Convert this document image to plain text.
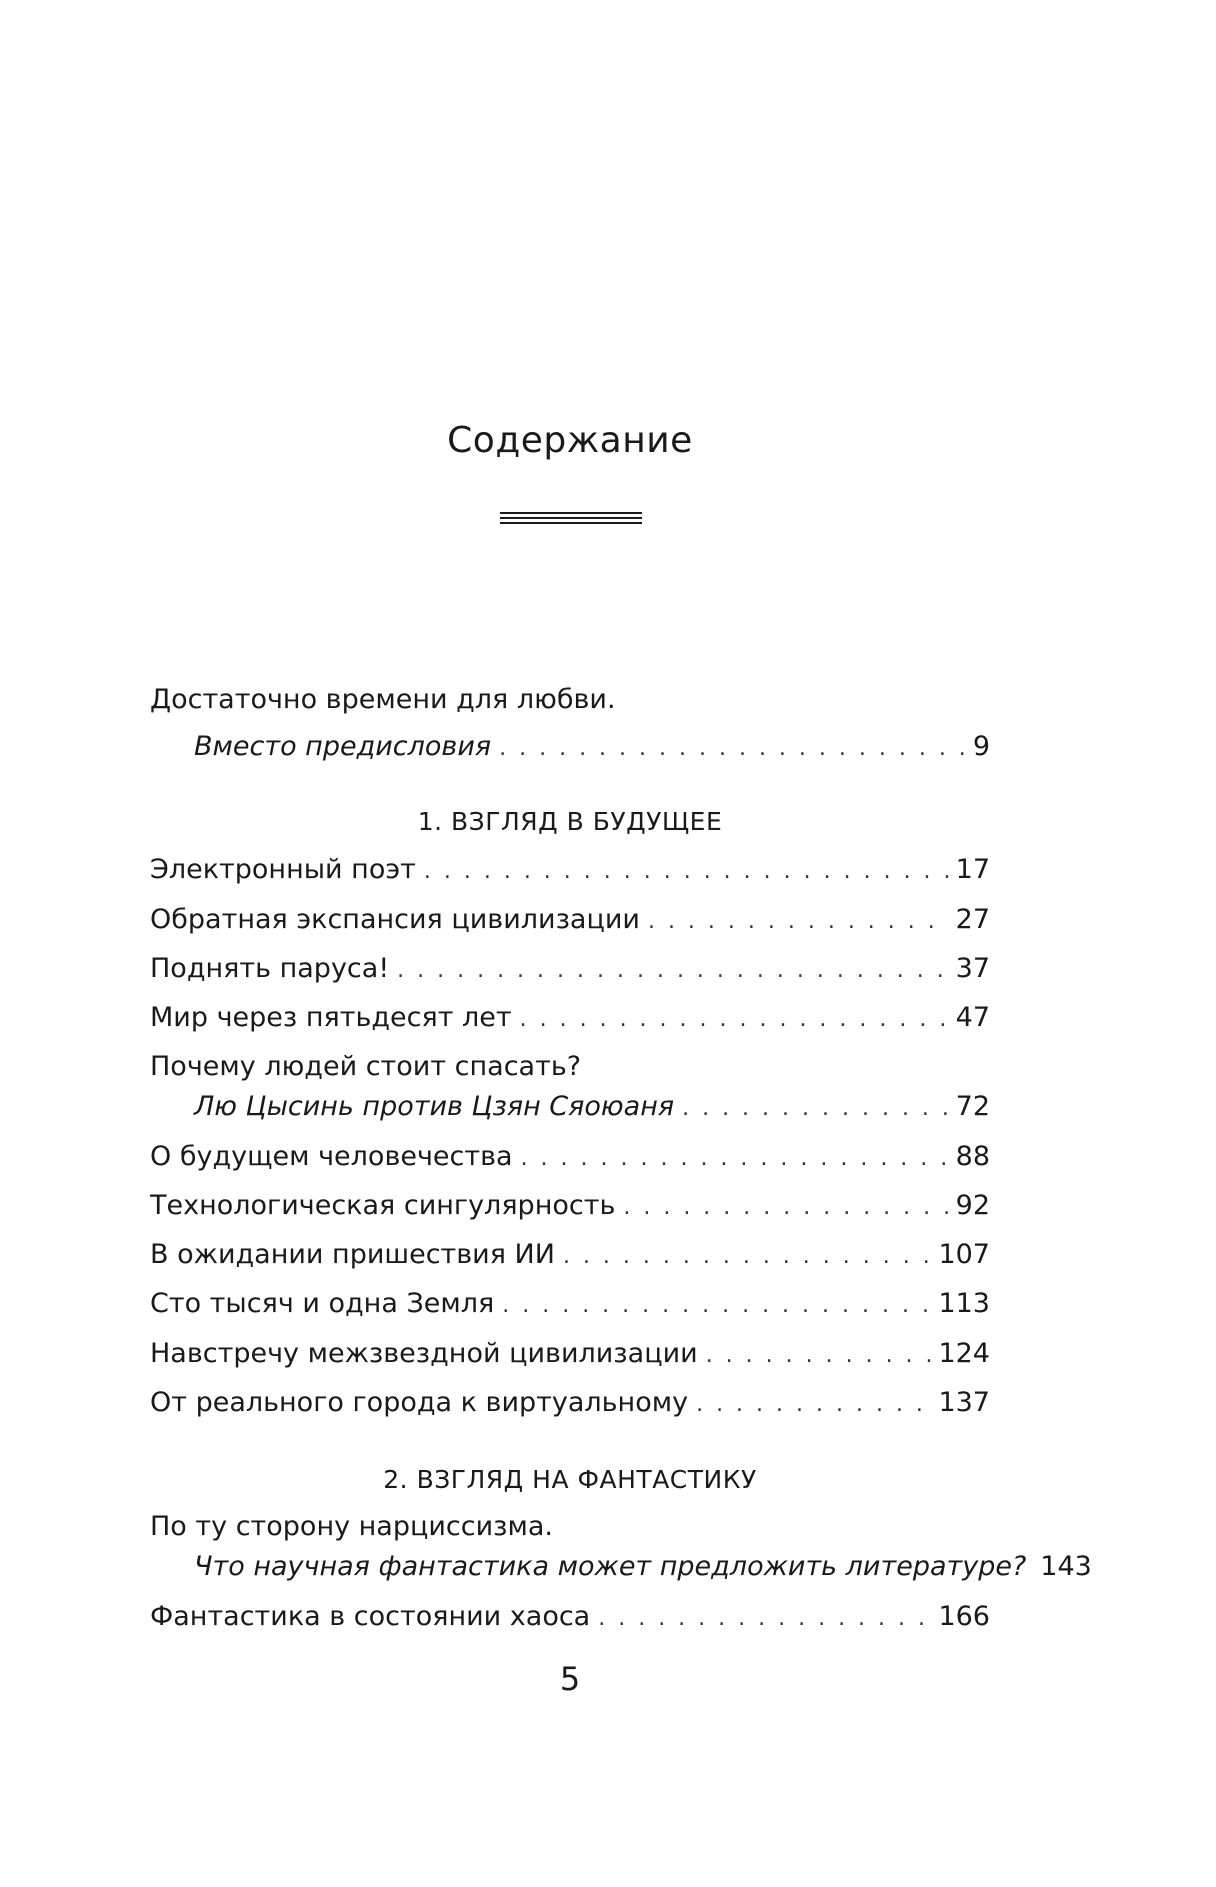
Содержание
Достаточно времени для любви.
Вместо предисловия . . .	9
1. ВЗГЛЯД В БУДУЩЕЕ
Электронный поэт . . .	17
Обратная экспансия цивилизации . . .	27
Поднять паруса! . . .	37
Мир через пятьдесят лет . . .	47
Почему людей стоит спасать?
Лю Цысинь против Цзян Сяоюаня . . .	72
О будущем человечества . . .	88
Технологическая сингулярность . . .	92
В ожидании пришествия ИИ . . .	107
Сто тысяч и одна Земля . . .	113
Навстречу межзвездной цивилизации . . .	124
От реального города к виртуальному . . .	137
2. ВЗГЛЯД НА ФАНТАСТИКУ
По ту сторону нарциссизма.
Что научная фантастика может предложить литературе? 143
Фантастика в состоянии хаоса . . .	166
5
